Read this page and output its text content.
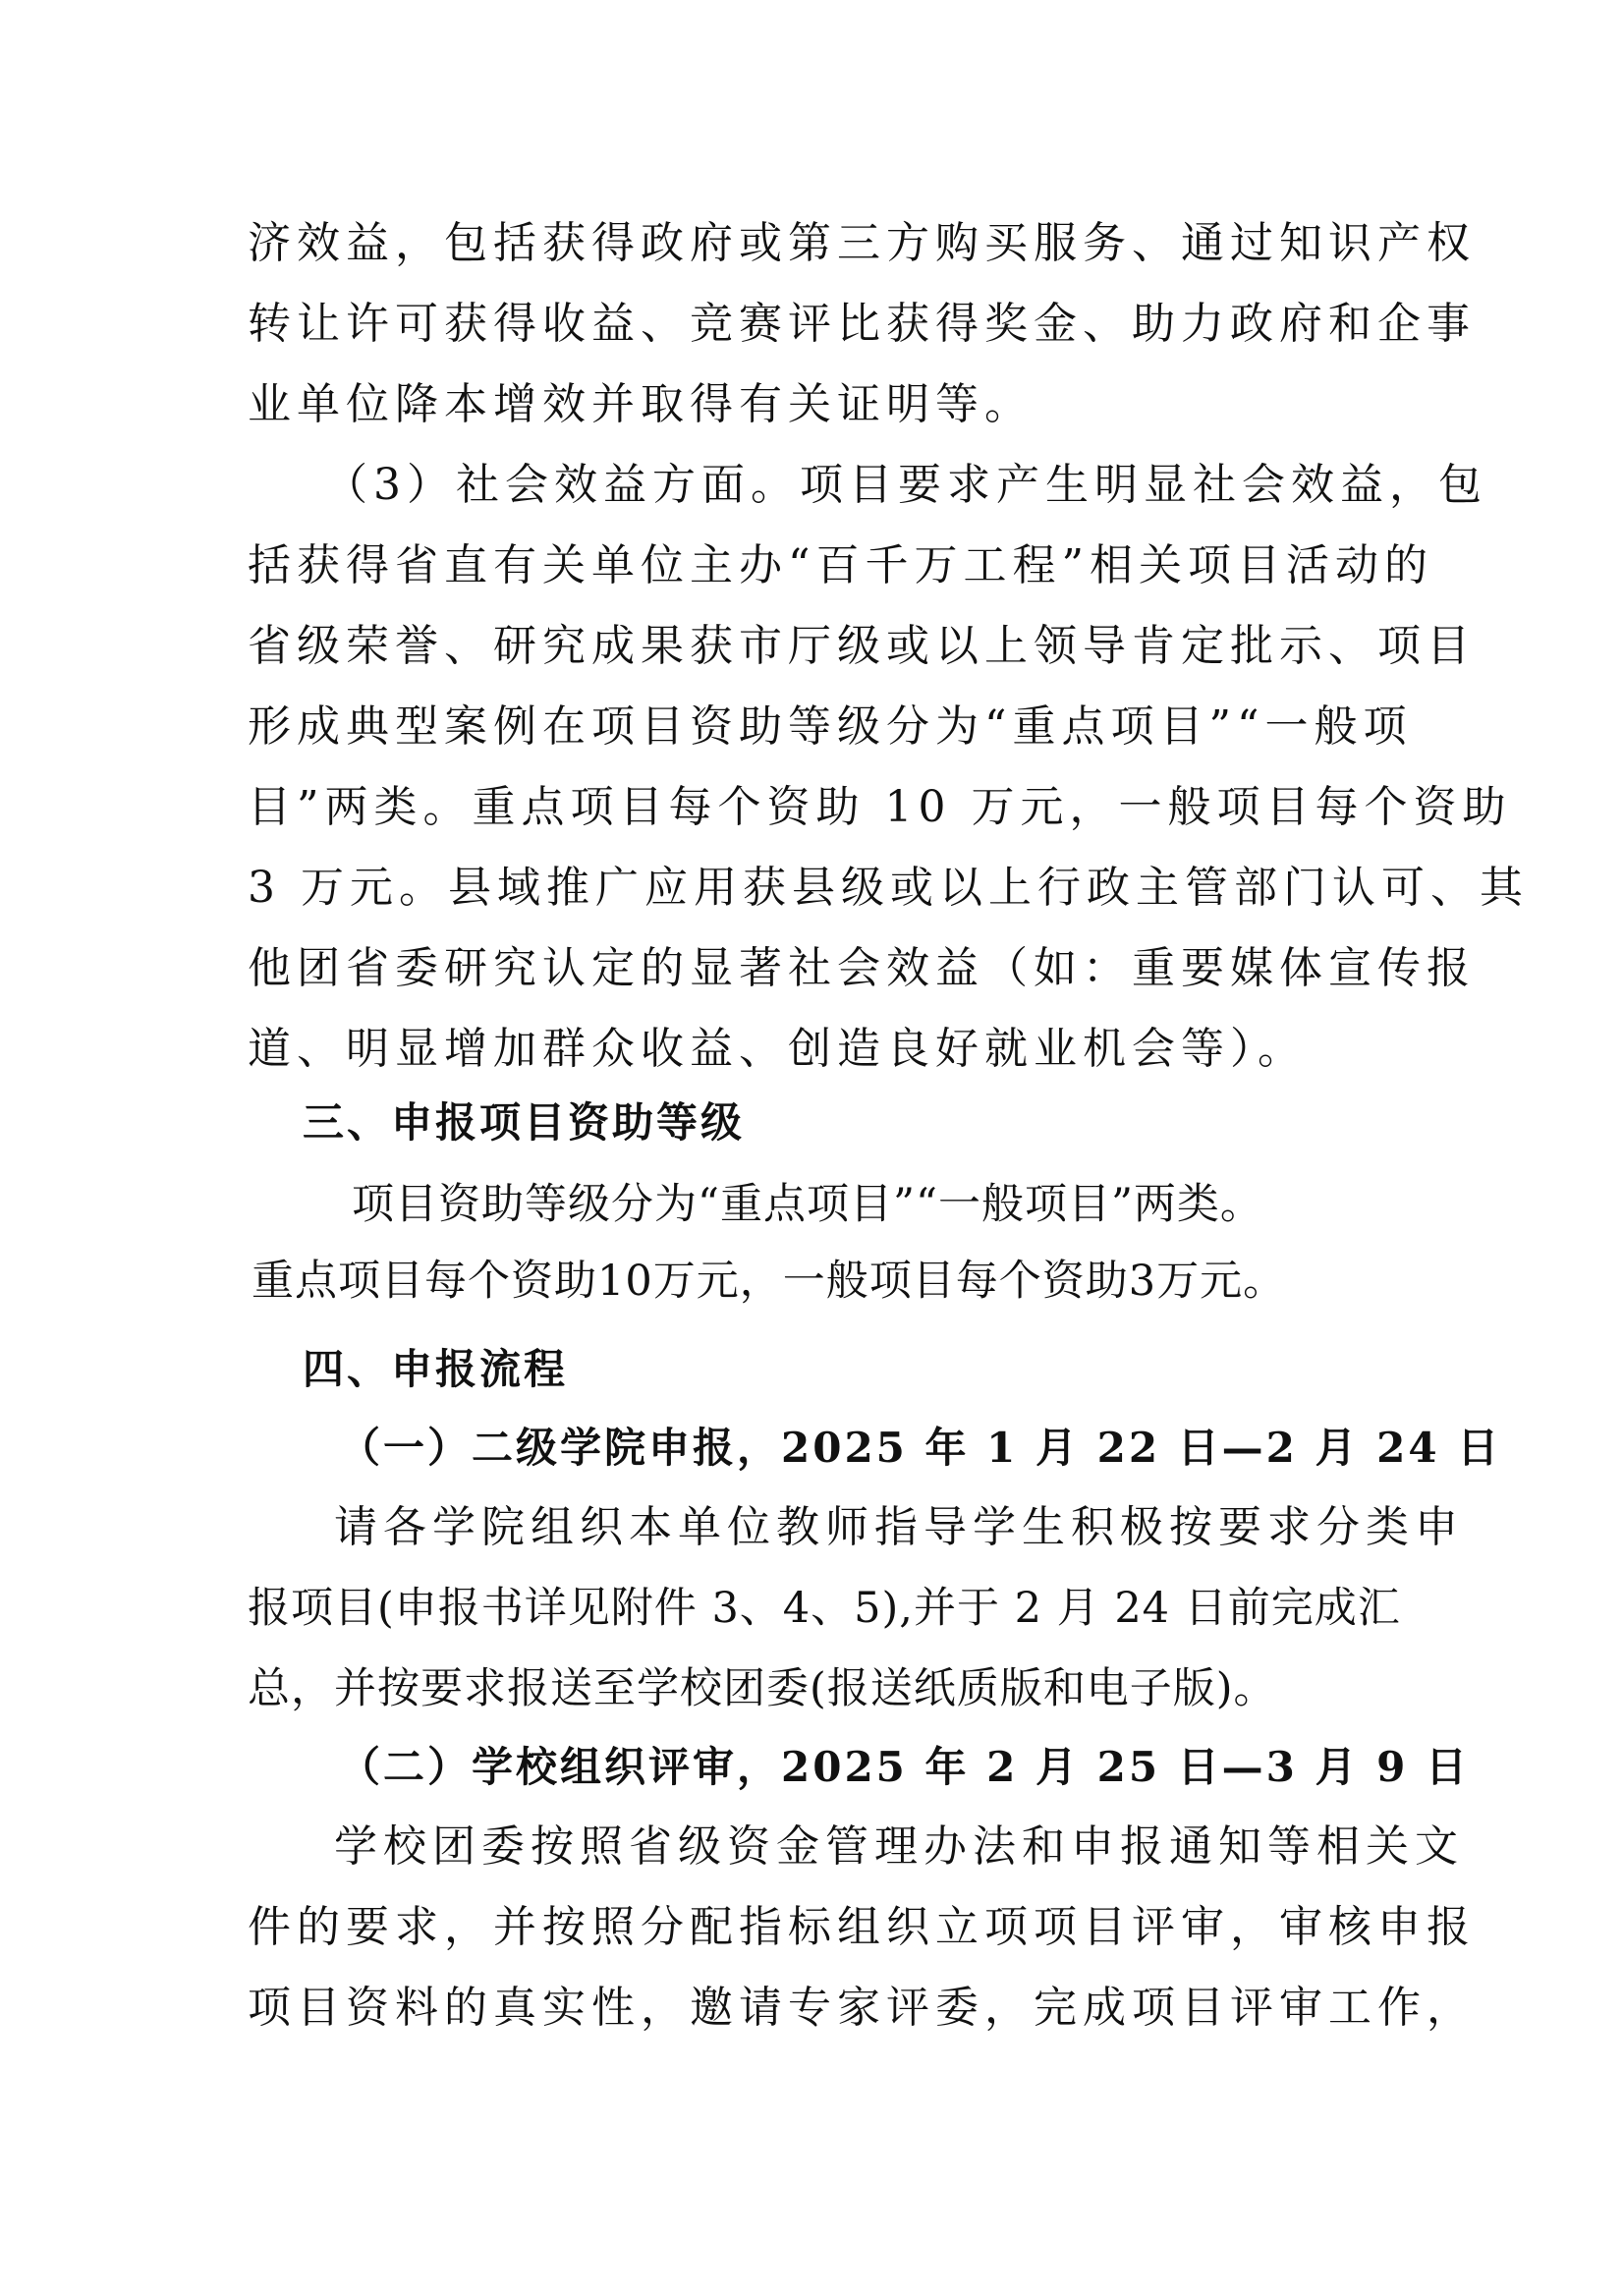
济效益，包括获得政府或第三方购买服务、通过知识产权
转让许可获得收益、竞赛评比获得奖金、助力政府和企事
业单位降本增效并取得有关证明等。
（3）社会效益方面。项目要求产生明显社会效益，包
括获得省直有关单位主办“百千万工程”相关项目活动的
省级荣誉、研究成果获市厅级或以上领导肯定批示、项目
形成典型案例在项目资助等级分为“重点项目”“一般项
目”两类。重点项目每个资助 10 万元，一般项目每个资助
3 万元。县域推广应用获县级或以上行政主管部门认可、其
他团省委研究认定的显著社会效益（如：重要媒体宣传报
道、明显增加群众收益、创造良好就业机会等）。
三、申报项目资助等级
项目资助等级分为“重点项目”“一般项目”两类。
重点项目每个资助10万元，一般项目每个资助3万元。
四、申报流程
（一）二级学院申报，2025 年 1 月 22 日—2 月 24 日
请各学院组织本单位教师指导学生积极按要求分类申
报项目(申报书详见附件 3、4、5),并于 2 月 24 日前完成汇
总，并按要求报送至学校团委(报送纸质版和电子版)。
（二）学校组织评审，2025 年 2 月 25 日—3 月 9 日
学校团委按照省级资金管理办法和申报通知等相关文
件的要求，并按照分配指标组织立项项目评审，审核申报
项目资料的真实性，邀请专家评委，完成项目评审工作，
